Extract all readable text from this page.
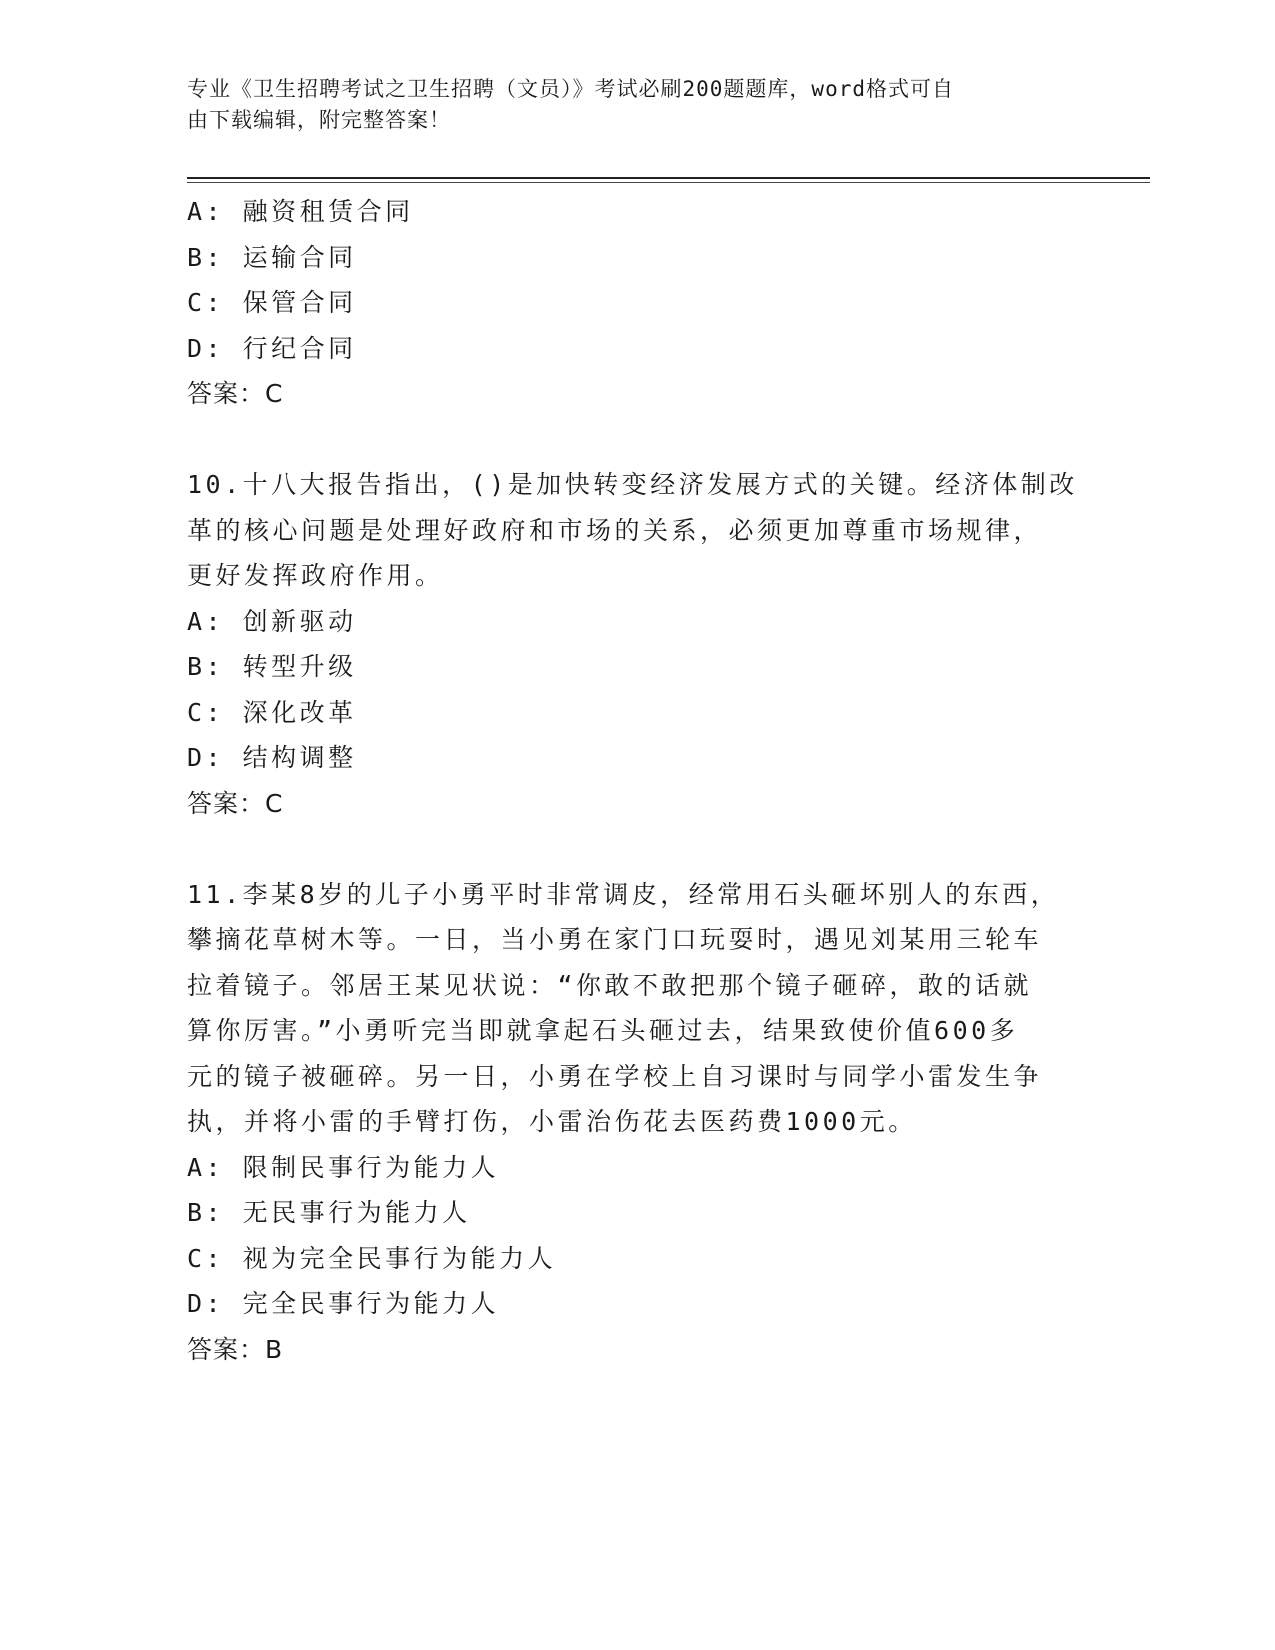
专业《卫生招聘考试之卫生招聘（文员）》考试必刷200题题库，word格式可自
由下载编辑，附完整答案！
A: 融资租赁合同
B: 运输合同
C: 保管合同
D: 行纪合同
答案：C
10.十八大报告指出，()是加快转变经济发展方式的关键。经济体制改
革的核心问题是处理好政府和市场的关系，必须更加尊重市场规律，
更好发挥政府作用。
A: 创新驱动
B: 转型升级
C: 深化改革
D: 结构调整
答案：C
11.李某8岁的儿子小勇平时非常调皮，经常用石头砸坏别人的东西，
攀摘花草树木等。一日，当小勇在家门口玩耍时，遇见刘某用三轮车
拉着镜子。邻居王某见状说：“你敢不敢把那个镜子砸碎，敢的话就
算你厉害。”小勇听完当即就拿起石头砸过去，结果致使价值600多
元的镜子被砸碎。另一日，小勇在学校上自习课时与同学小雷发生争
执，并将小雷的手臂打伤，小雷治伤花去医药费1000元。
A: 限制民事行为能力人
B: 无民事行为能力人
C: 视为完全民事行为能力人
D: 完全民事行为能力人
答案：B
